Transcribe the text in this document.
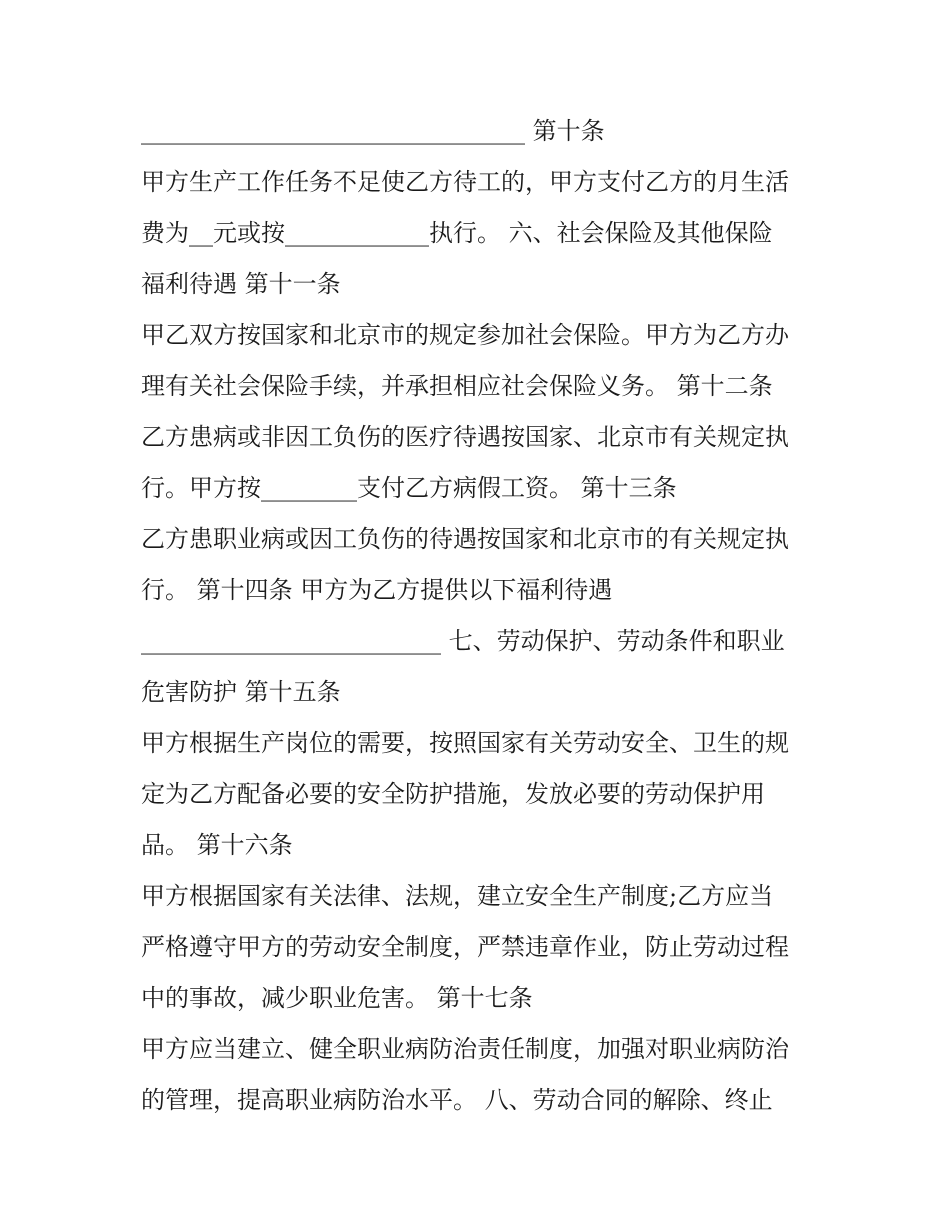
________________________________ 第十条
甲方生产工作任务不足使乙方待工的，甲方支付乙方的月生活
费为__元或按____________执行。 六、社会保险及其他保险
福利待遇 第十一条
甲乙双方按国家和北京市的规定参加社会保险。甲方为乙方办
理有关社会保险手续，并承担相应社会保险义务。 第十二条
乙方患病或非因工负伤的医疗待遇按国家、北京市有关规定执
行。甲方按________支付乙方病假工资。 第十三条
乙方患职业病或因工负伤的待遇按国家和北京市的有关规定执
行。 第十四条 甲方为乙方提供以下福利待遇
_________________________ 七、劳动保护、劳动条件和职业
危害防护 第十五条
甲方根据生产岗位的需要，按照国家有关劳动安全、卫生的规
定为乙方配备必要的安全防护措施，发放必要的劳动保护用
品。 第十六条
甲方根据国家有关法律、法规，建立安全生产制度;乙方应当
严格遵守甲方的劳动安全制度，严禁违章作业，防止劳动过程
中的事故，减少职业危害。 第十七条
甲方应当建立、健全职业病防治责任制度，加强对职业病防治
的管理，提高职业病防治水平。 八、劳动合同的解除、终止
